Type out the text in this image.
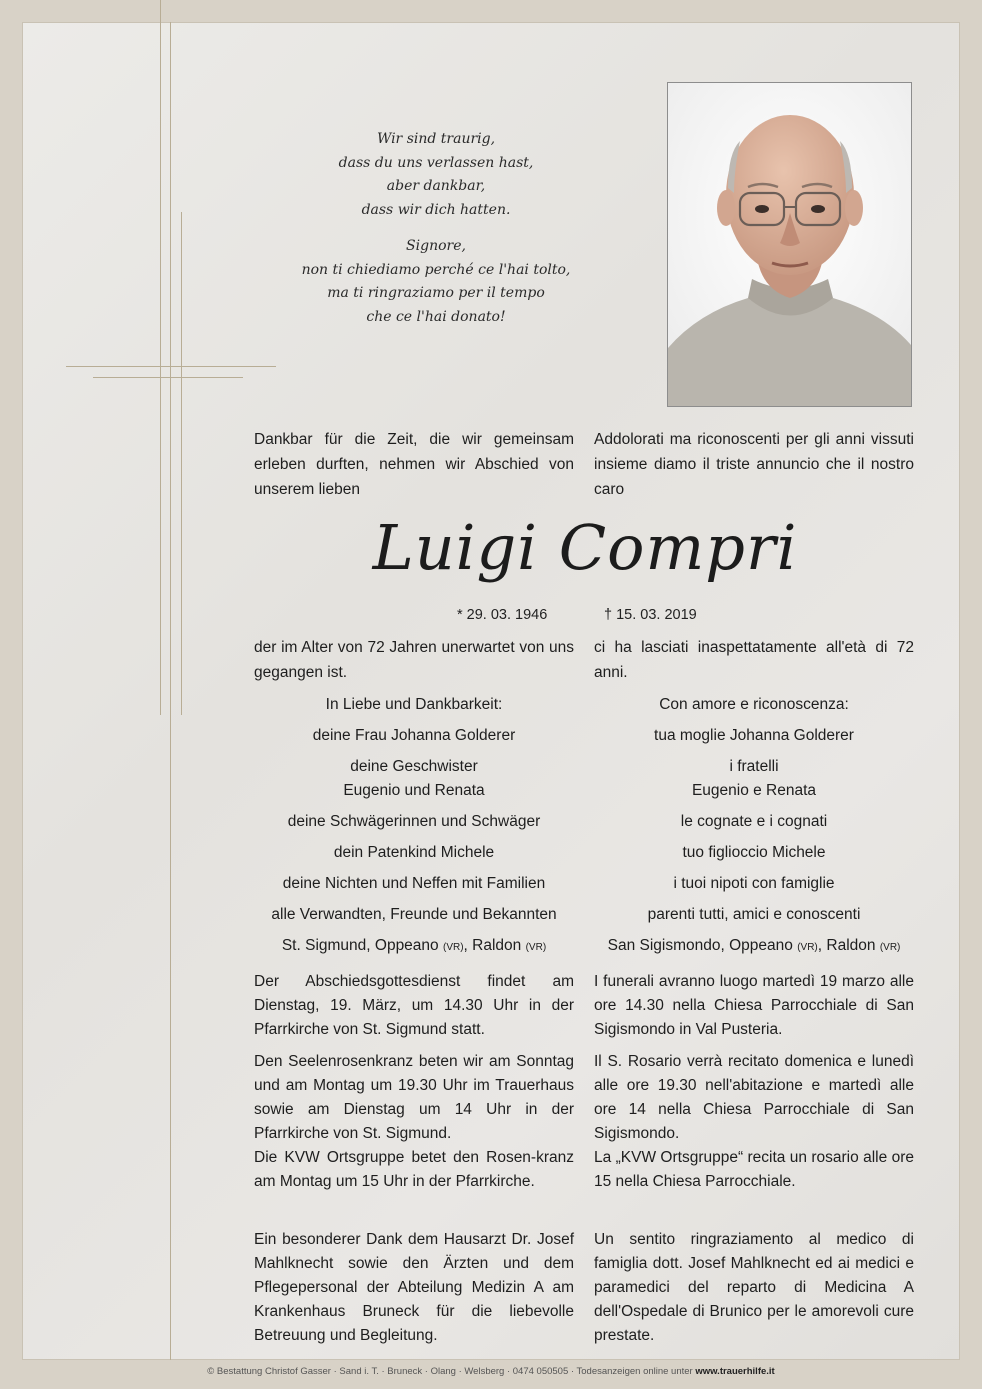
Wir sind traurig,

dass du uns verlassen hast,

aber dankbar,

dass wir dich hatten.

Signore,

non ti chiediamo perché ce l'hai tolto,

ma ti ringraziamo per il tempo

che ce l'hai donato!

Dankbar für die Zeit, die wir gemeinsam erleben durften, nehmen wir Abschied von unserem lieben
Addolorati ma riconoscenti per gli anni vissuti insieme diamo il triste annuncio che il nostro caro
Luigi Compri
* 29. 03. 1946	† 15. 03. 2019
der im Alter von 72 Jahren unerwartet von uns gegangen ist.
ci ha lasciati inaspettatamente all'età di 72 anni.

In Liebe und Dankbarkeit:

deine Frau Johanna Golderer

deine Geschwister

Eugenio und Renata

deine Schwägerinnen und Schwäger

dein Patenkind Michele

deine Nichten und Neffen mit Familien

alle Verwandten, Freunde und Bekannten

St. Sigmund, Oppeano (VR), Raldon (VR)

Con amore e riconoscenza:

tua moglie Johanna Golderer

i fratelli

Eugenio e Renata

le cognate e i cognati

tuo figlioccio Michele

i tuoi nipoti con famiglie

parenti tutti, amici e conoscenti

San Sigismondo, Oppeano (VR), Raldon (VR)

Der Abschiedsgottesdienst findet am Dienstag, 19. März, um 14.30 Uhr in der Pfarrkirche von St. Sigmund statt.
I funerali avranno luogo martedì 19 marzo alle ore 14.30 nella Chiesa Parrocchiale di San Sigismondo in Val Pusteria.

Den Seelenrosenkranz beten wir am Sonntag und am Montag um 19.30 Uhr im Trauerhaus sowie am Dienstag um 14 Uhr in der Pfarrkirche von St. Sigmund.

Die KVW Ortsgruppe betet den Rosen-kranz am Montag um 15 Uhr in der Pfarrkirche.

Il S. Rosario verrà recitato domenica e lunedì alle ore 19.30 nell'abitazione e martedì alle ore 14 nella Chiesa Parrocchiale di San Sigismondo.

La „KVW Ortsgruppe“ recita un rosario alle ore 15 nella Chiesa Parrocchiale.

Ein besonderer Dank dem Hausarzt Dr. Josef Mahlknecht sowie den Ärzten und dem Pflegepersonal der Abteilung Medizin A am Krankenhaus Bruneck für die liebevolle Betreuung und Begleitung.
Un sentito ringraziamento al medico di famiglia dott. Josef Mahlknecht ed ai medici e paramedici del reparto di Medicina A dell'Ospedale di Brunico per le amorevoli cure prestate.
© Bestattung Christof Gasser · Sand i. T. · Bruneck · Olang · Welsberg · 0474 050505 · Todesanzeigen online unter www.trauerhilfe.it
